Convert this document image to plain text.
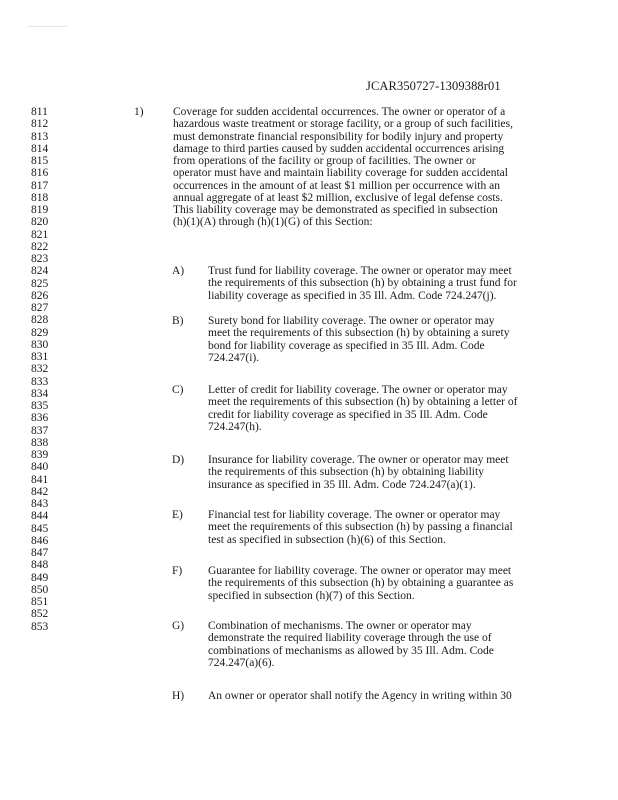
JCAR350727-1309388r01
811
812
813
814
815
816
817
818
819
820
821
822
823
824
825
826
827
828
829
830
831
832
833
834
835
836
837
838
839
840
841
842
843
844
845
846
847
848
849
850
851
852
853
1)	Coverage for sudden accidental occurrences. The owner or operator of a
hazardous waste treatment or storage facility, or a group of such facilities,
must demonstrate financial responsibility for bodily injury and property
damage to third parties caused by sudden accidental occurrences arising
from operations of the facility or group of facilities. The owner or
operator must have and maintain liability coverage for sudden accidental
occurrences in the amount of at least $1 million per occurrence with an
annual aggregate of at least $2 million, exclusive of legal defense costs.
This liability coverage may be demonstrated as specified in subsection
(h)(1)(A) through (h)(1)(G) of this Section:
A) Trust fund for liability coverage. The owner or operator may meet
the requirements of this subsection (h) by obtaining a trust fund for
liability coverage as specified in 35 Ill. Adm. Code 724.247(j).
B) Surety bond for liability coverage. The owner or operator may
meet the requirements of this subsection (h) by obtaining a surety
bond for liability coverage as specified in 35 Ill. Adm. Code
724.247(i).
C) Letter of credit for liability coverage. The owner or operator may
meet the requirements of this subsection (h) by obtaining a letter of
credit for liability coverage as specified in 35 Ill. Adm. Code
724.247(h).
D) Insurance for liability coverage. The owner or operator may meet
the requirements of this subsection (h) by obtaining liability
insurance as specified in 35 Ill. Adm. Code 724.247(a)(1).
E) Financial test for liability coverage. The owner or operator may
meet the requirements of this subsection (h) by passing a financial
test as specified in subsection (h)(6) of this Section.
F) Guarantee for liability coverage. The owner or operator may meet
the requirements of this subsection (h) by obtaining a guarantee as
specified in subsection (h)(7) of this Section.
G) Combination of mechanisms. The owner or operator may
demonstrate the required liability coverage through the use of
combinations of mechanisms as allowed by 35 Ill. Adm. Code
724.247(a)(6).
H) An owner or operator shall notify the Agency in writing within 30
